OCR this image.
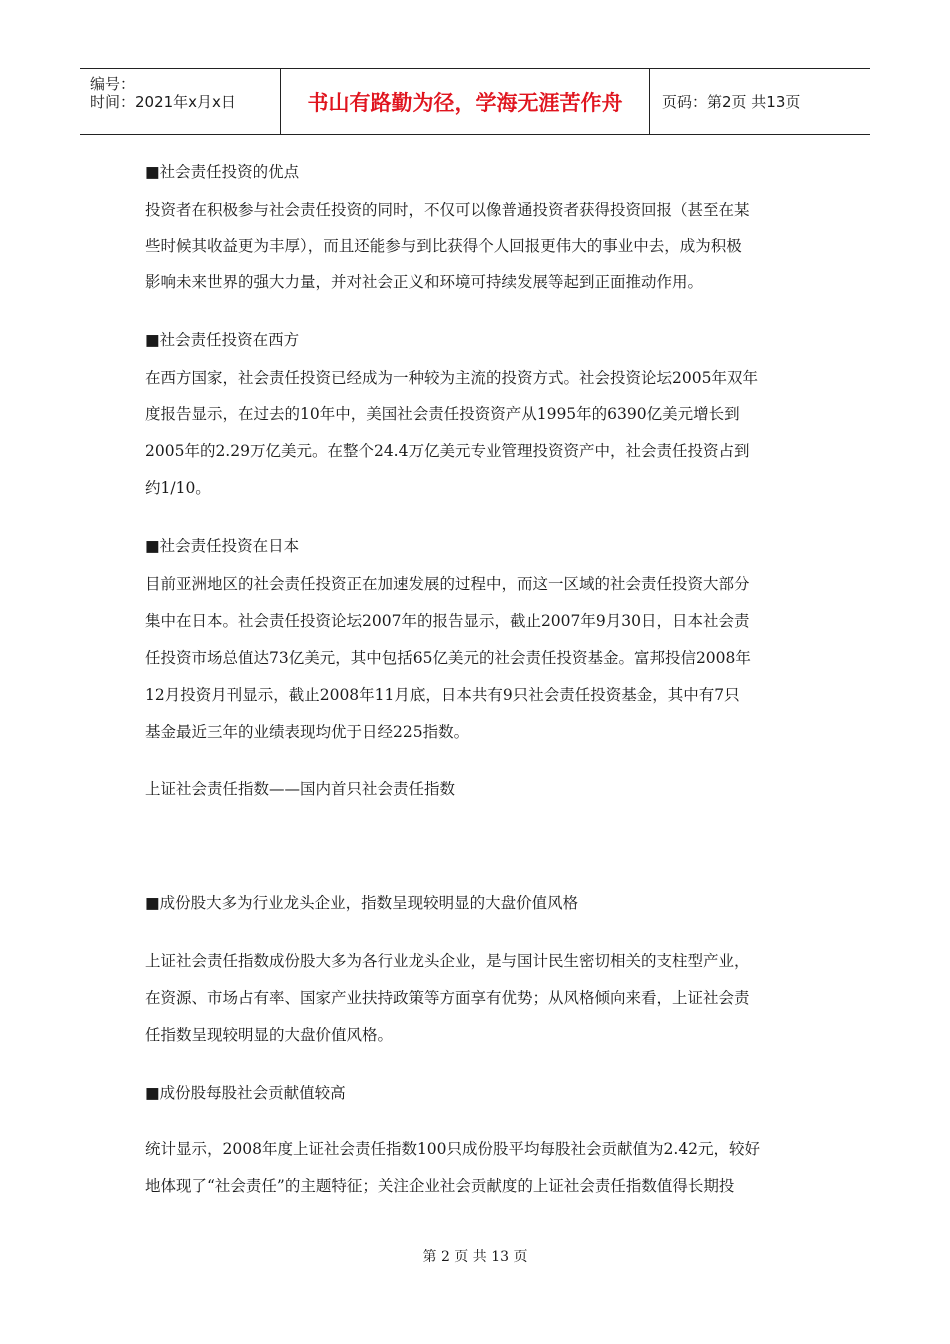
编号：
时间：2021年x月x日	书山有路勤为径，学海无涯苦作舟	页码：第2页 共13页
■社会责任投资的优点
投资者在积极参与社会责任投资的同时，不仅可以像普通投资者获得投资回报（甚至在某
些时候其收益更为丰厚），而且还能参与到比获得个人回报更伟大的事业中去，成为积极
影响未来世界的强大力量，并对社会正义和环境可持续发展等起到正面推动作用。
■社会责任投资在西方
在西方国家，社会责任投资已经成为一种较为主流的投资方式。社会投资论坛2005年双年
度报告显示，在过去的10年中，美国社会责任投资资产从1995年的6390亿美元增长到
2005年的2.29万亿美元。在整个24.4万亿美元专业管理投资资产中，社会责任投资占到
约1/10。
■社会责任投资在日本
目前亚洲地区的社会责任投资正在加速发展的过程中，而这一区域的社会责任投资大部分
集中在日本。社会责任投资论坛2007年的报告显示，截止2007年9月30日，日本社会责
任投资市场总值达73亿美元，其中包括65亿美元的社会责任投资基金。富邦投信2008年
12月投资月刊显示，截止2008年11月底，日本共有9只社会责任投资基金，其中有7只
基金最近三年的业绩表现均优于日经225指数。
上证社会责任指数——国内首只社会责任指数
■成份股大多为行业龙头企业，指数呈现较明显的大盘价值风格
上证社会责任指数成份股大多为各行业龙头企业，是与国计民生密切相关的支柱型产业，
在资源、市场占有率、国家产业扶持政策等方面享有优势；从风格倾向来看，上证社会责
任指数呈现较明显的大盘价值风格。
■成份股每股社会贡献值较高
统计显示，2008年度上证社会责任指数100只成份股平均每股社会贡献值为2.42元，较好
地体现了“社会责任”的主题特征；关注企业社会贡献度的上证社会责任指数值得长期投
第 2 页 共 13 页
